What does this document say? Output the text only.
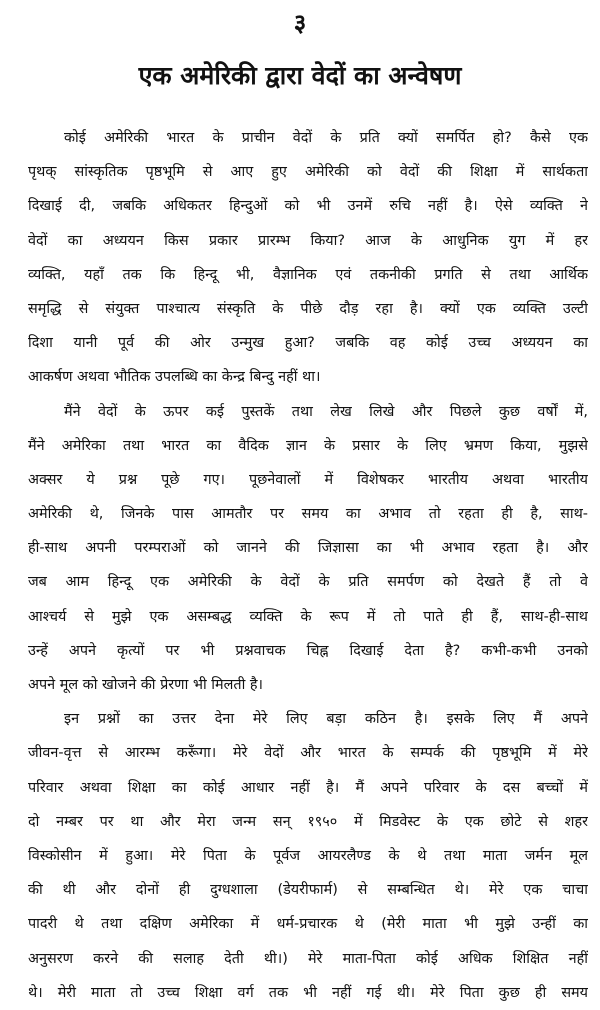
३
एक अमेरिकी द्वारा वेदों का अन्वेषण
कोई अमेरिकी भारत के प्राचीन वेदों के प्रति क्यों समर्पित हो? कैसे एक
पृथक् सांस्कृतिक पृष्ठभूमि से आए हुए अमेरिकी को वेदों की शिक्षा में सार्थकता
दिखाई दी, जबकि अधिकतर हिन्दुओं को भी उनमें रुचि नहीं है। ऐसे व्यक्ति ने
वेदों का अध्ययन किस प्रकार प्रारम्भ किया? आज के आधुनिक युग में हर
व्यक्ति, यहाँ तक कि हिन्दू भी, वैज्ञानिक एवं तकनीकी प्रगति से तथा आर्थिक
समृद्धि से संयुक्त पाश्चात्य संस्कृति के पीछे दौड़ रहा है। क्यों एक व्यक्ति उल्टी
दिशा यानी पूर्व की ओर उन्मुख हुआ? जबकि वह कोई उच्च अध्ययन का
आकर्षण अथवा भौतिक उपलब्धि का केन्द्र बिन्दु नहीं था।
मैंने वेदों के ऊपर कई पुस्तकें तथा लेख लिखे और पिछले कुछ वर्षों में,
मैंने अमेरिका तथा भारत का वैदिक ज्ञान के प्रसार के लिए भ्रमण किया, मुझसे
अक्सर ये प्रश्न पूछे गए। पूछनेवालों में विशेषकर भारतीय अथवा भारतीय
अमेरिकी थे, जिनके पास आमतौर पर समय का अभाव तो रहता ही है, साथ-
ही-साथ अपनी परम्पराओं को जानने की जिज्ञासा का भी अभाव रहता है। और
जब आम हिन्दू एक अमेरिकी के वेदों के प्रति समर्पण को देखते हैं तो वे
आश्चर्य से मुझे एक असम्बद्ध व्यक्ति के रूप में तो पाते ही हैं, साथ-ही-साथ
उन्हें अपने कृत्यों पर भी प्रश्नवाचक चिह्न दिखाई देता है? कभी-कभी उनको
अपने मूल को खोजने की प्रेरणा भी मिलती है।
इन प्रश्नों का उत्तर देना मेरे लिए बड़ा कठिन है। इसके लिए मैं अपने
जीवन-वृत्त से आरम्भ करूँगा। मेरे वेदों और भारत के सम्पर्क की पृष्ठभूमि में मेरे
परिवार अथवा शिक्षा का कोई आधार नहीं है। मैं अपने परिवार के दस बच्चों में
दो नम्बर पर था और मेरा जन्म सन् १९५० में मिडवेस्ट के एक छोटे से शहर
विस्कोसीन में हुआ। मेरे पिता के पूर्वज आयरलैण्ड के थे तथा माता जर्मन मूल
की थी और दोनों ही दुग्धशाला (डेयरीफार्म) से सम्बन्धित थे। मेरे एक चाचा
पादरी थे तथा दक्षिण अमेरिका में धर्म-प्रचारक थे (मेरी माता भी मुझे उन्हीं का
अनुसरण करने की सलाह देती थी।) मेरे माता-पिता कोई अधिक शिक्षित नहीं
थे। मेरी माता तो उच्च शिक्षा वर्ग तक भी नहीं गई थी। मेरे पिता कुछ ही समय
